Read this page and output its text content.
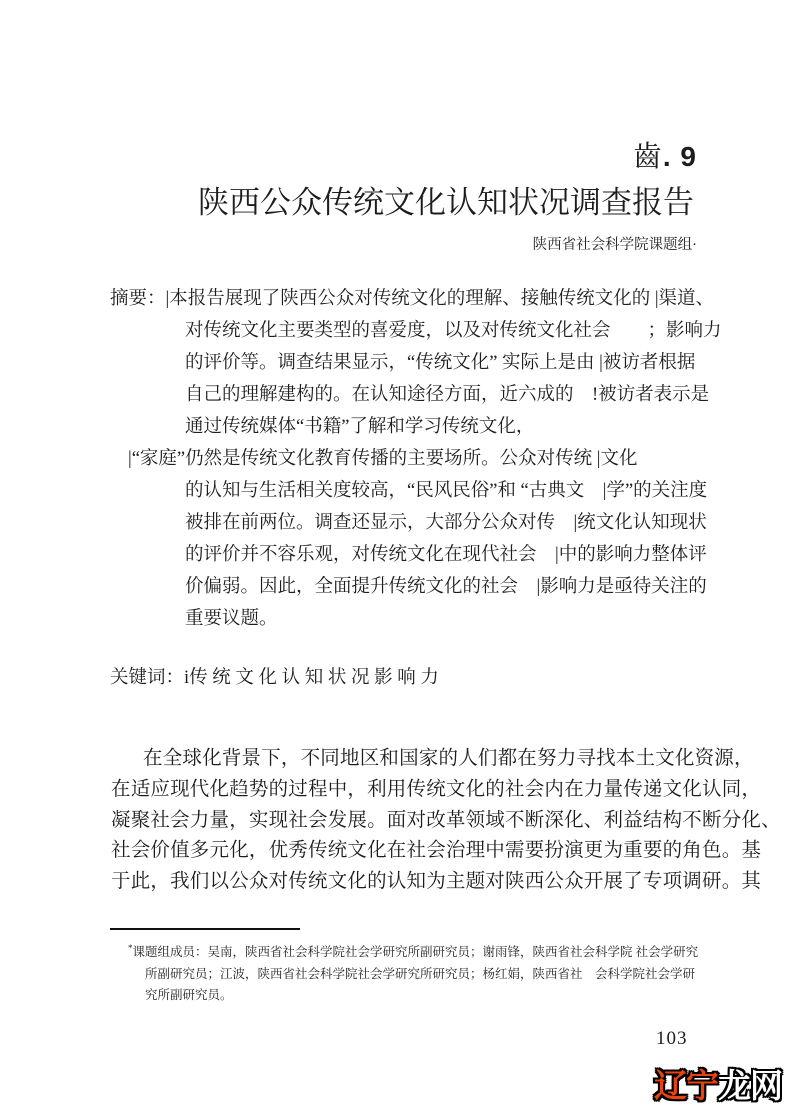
齒. 9
陕西公众传统文化认知状况调查报告
陕西省社会科学院课题组·
摘要：|本报告展现了陕西公众对传统文化的理解、接触传统文化的 |渠道、
对传统文化主要类型的喜爱度，以及对传统文化社会　　；影响力
的评价等。调查结果显示，“传统文化” 实际上是由 |被访者根据
自己的理解建构的。在认知途径方面，近六成的　!被访者表示是
通过传统媒体“书籍”了解和学习传统文化，
|“家庭”仍然是传统文化教育传播的主要场所。公众对传统 |文化
的认知与生活相关度较高，“民风民俗”和 “古典文　|学”的关注度
被排在前两位。调查还显示，大部分公众对传　|统文化认知现状
的评价并不容乐观，对传统文化在现代社会　|中的影响力整体评
价偏弱。因此，全面提升传统文化的社会　|影响力是亟待关注的
重要议题。
关键词：i传 统 文 化 认 知 状 况 影 响 力
在全球化背景下，不同地区和国家的人们都在努力寻找本土文化资源，
在适应现代化趋势的过程中，利用传统文化的社会内在力量传递文化认同，
凝聚社会力量，实现社会发展。面对改革领域不断深化、利益结构不断分化、
社会价值多元化，优秀传统文化在社会治理中需要扮演更为重要的角色。基
于此，我们以公众对传统文化的认知为主题对陕西公众开展了专项调研。其
*课题组成员：吴南，陕西省社会科学院社会学研究所副研究员；谢雨锋，陕西省社会科学院 社会学研究
所副研究员；江波，陕西省社会科学院社会学研究所研究员；杨红娟，陕西省社　会科学院社会学研
究所副研究员。
103
辽宁龙网
